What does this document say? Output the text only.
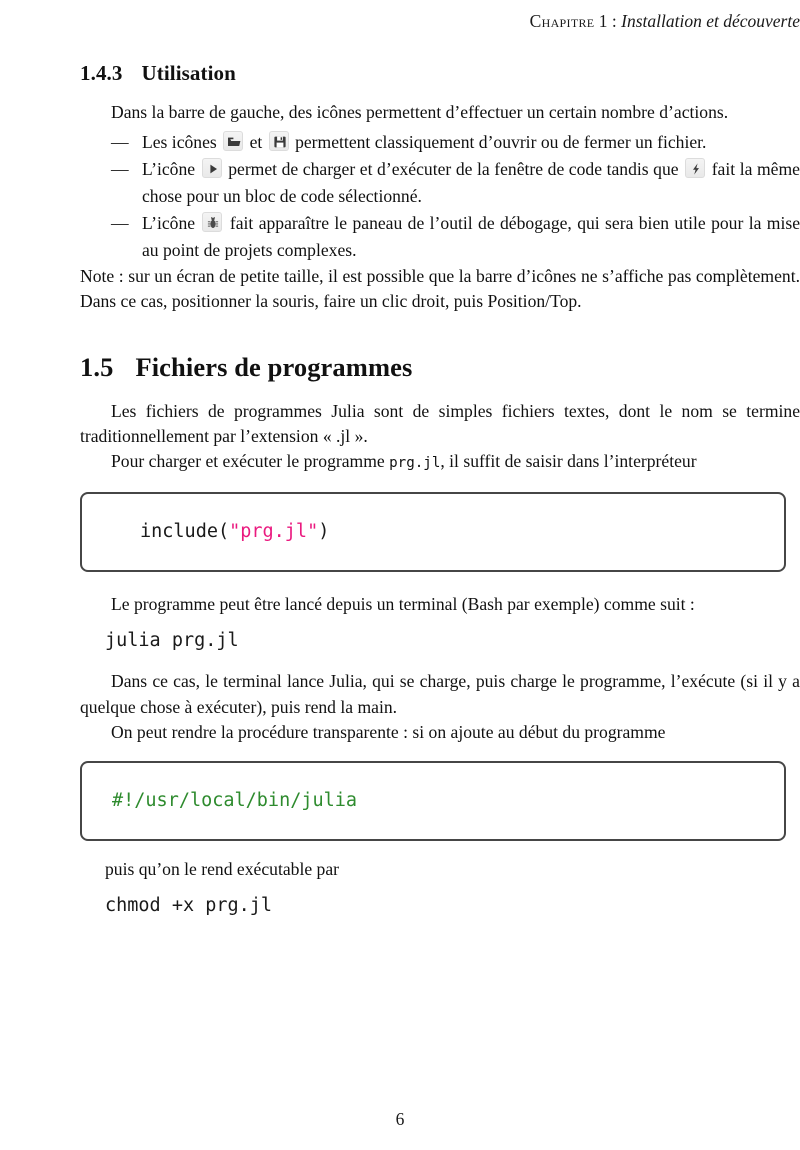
Chapitre 1 : Installation et découverte
1.4.3 Utilisation

Dans la barre de gauche, des icônes permettent d’effectuer un certain nombre d’actions.

— Les icônes et permettent classiquement d’ouvrir ou de fermer un fichier.
— L’icône permet de charger et d’exécuter de la fenêtre de code tandis que fait la même chose pour un bloc de code sélectionné.
— L’icône fait apparaître le paneau de l’outil de débogage, qui sera bien utile pour la mise au point de projets complexes.

Note : sur un écran de petite taille, il est possible que la barre d’icônes ne s’affiche pas complètement. Dans ce cas, positionner la souris, faire un clic droit, puis Position/Top.

1.5 Fichiers de programmes

Les fichiers de programmes Julia sont de simples fichiers textes, dont le nom se termine traditionnellement par l’extension « .jl ».

Pour charger et exécuter le programme prg.jl, il suffit de saisir dans l’interpréteur

include("prg.jl")

Le programme peut être lancé depuis un terminal (Bash par exemple) comme suit :

julia prg.jl

Dans ce cas, le terminal lance Julia, qui se charge, puis charge le programme, l’exécute (si il y a quelque chose à exécuter), puis rend la main.

On peut rendre la procédure transparente : si on ajoute au début du programme

#!/usr/local/bin/julia

puis qu’on le rend exécutable par

chmod +x prg.jl
6
